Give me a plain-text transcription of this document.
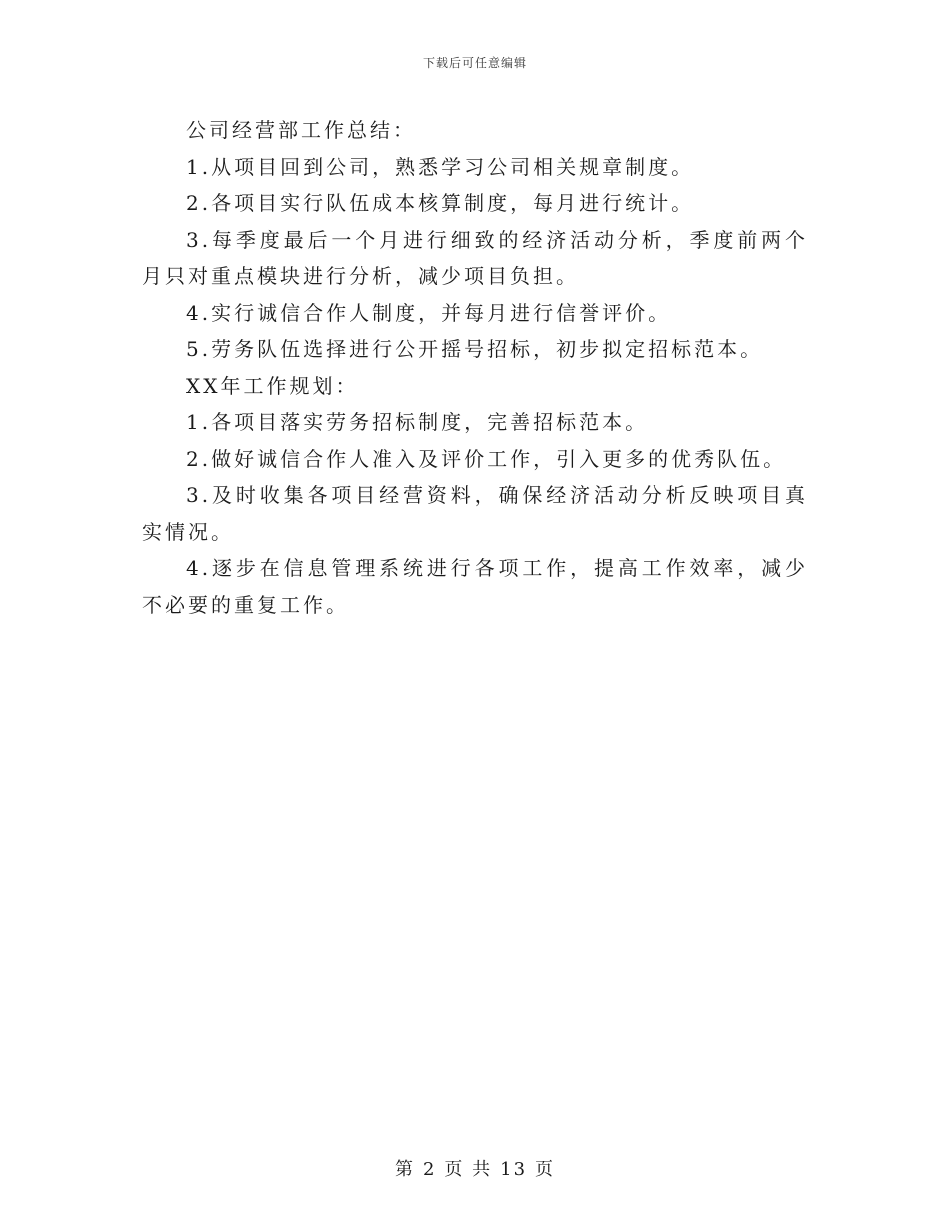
下载后可任意编辑

公司经营部工作总结：

1.从项目回到公司，熟悉学习公司相关规章制度。

2.各项目实行队伍成本核算制度，每月进行统计。

3.每季度最后一个月进行细致的经济活动分析，季度前两个月只对重点模块进行分析，减少项目负担。

4.实行诚信合作人制度，并每月进行信誉评价。

5.劳务队伍选择进行公开摇号招标，初步拟定招标范本。

XX年工作规划：

1.各项目落实劳务招标制度，完善招标范本。

2.做好诚信合作人准入及评价工作，引入更多的优秀队伍。

3.及时收集各项目经营资料，确保经济活动分析反映项目真实情况。

4.逐步在信息管理系统进行各项工作，提高工作效率，减少不必要的重复工作。

第 2 页 共 13 页
